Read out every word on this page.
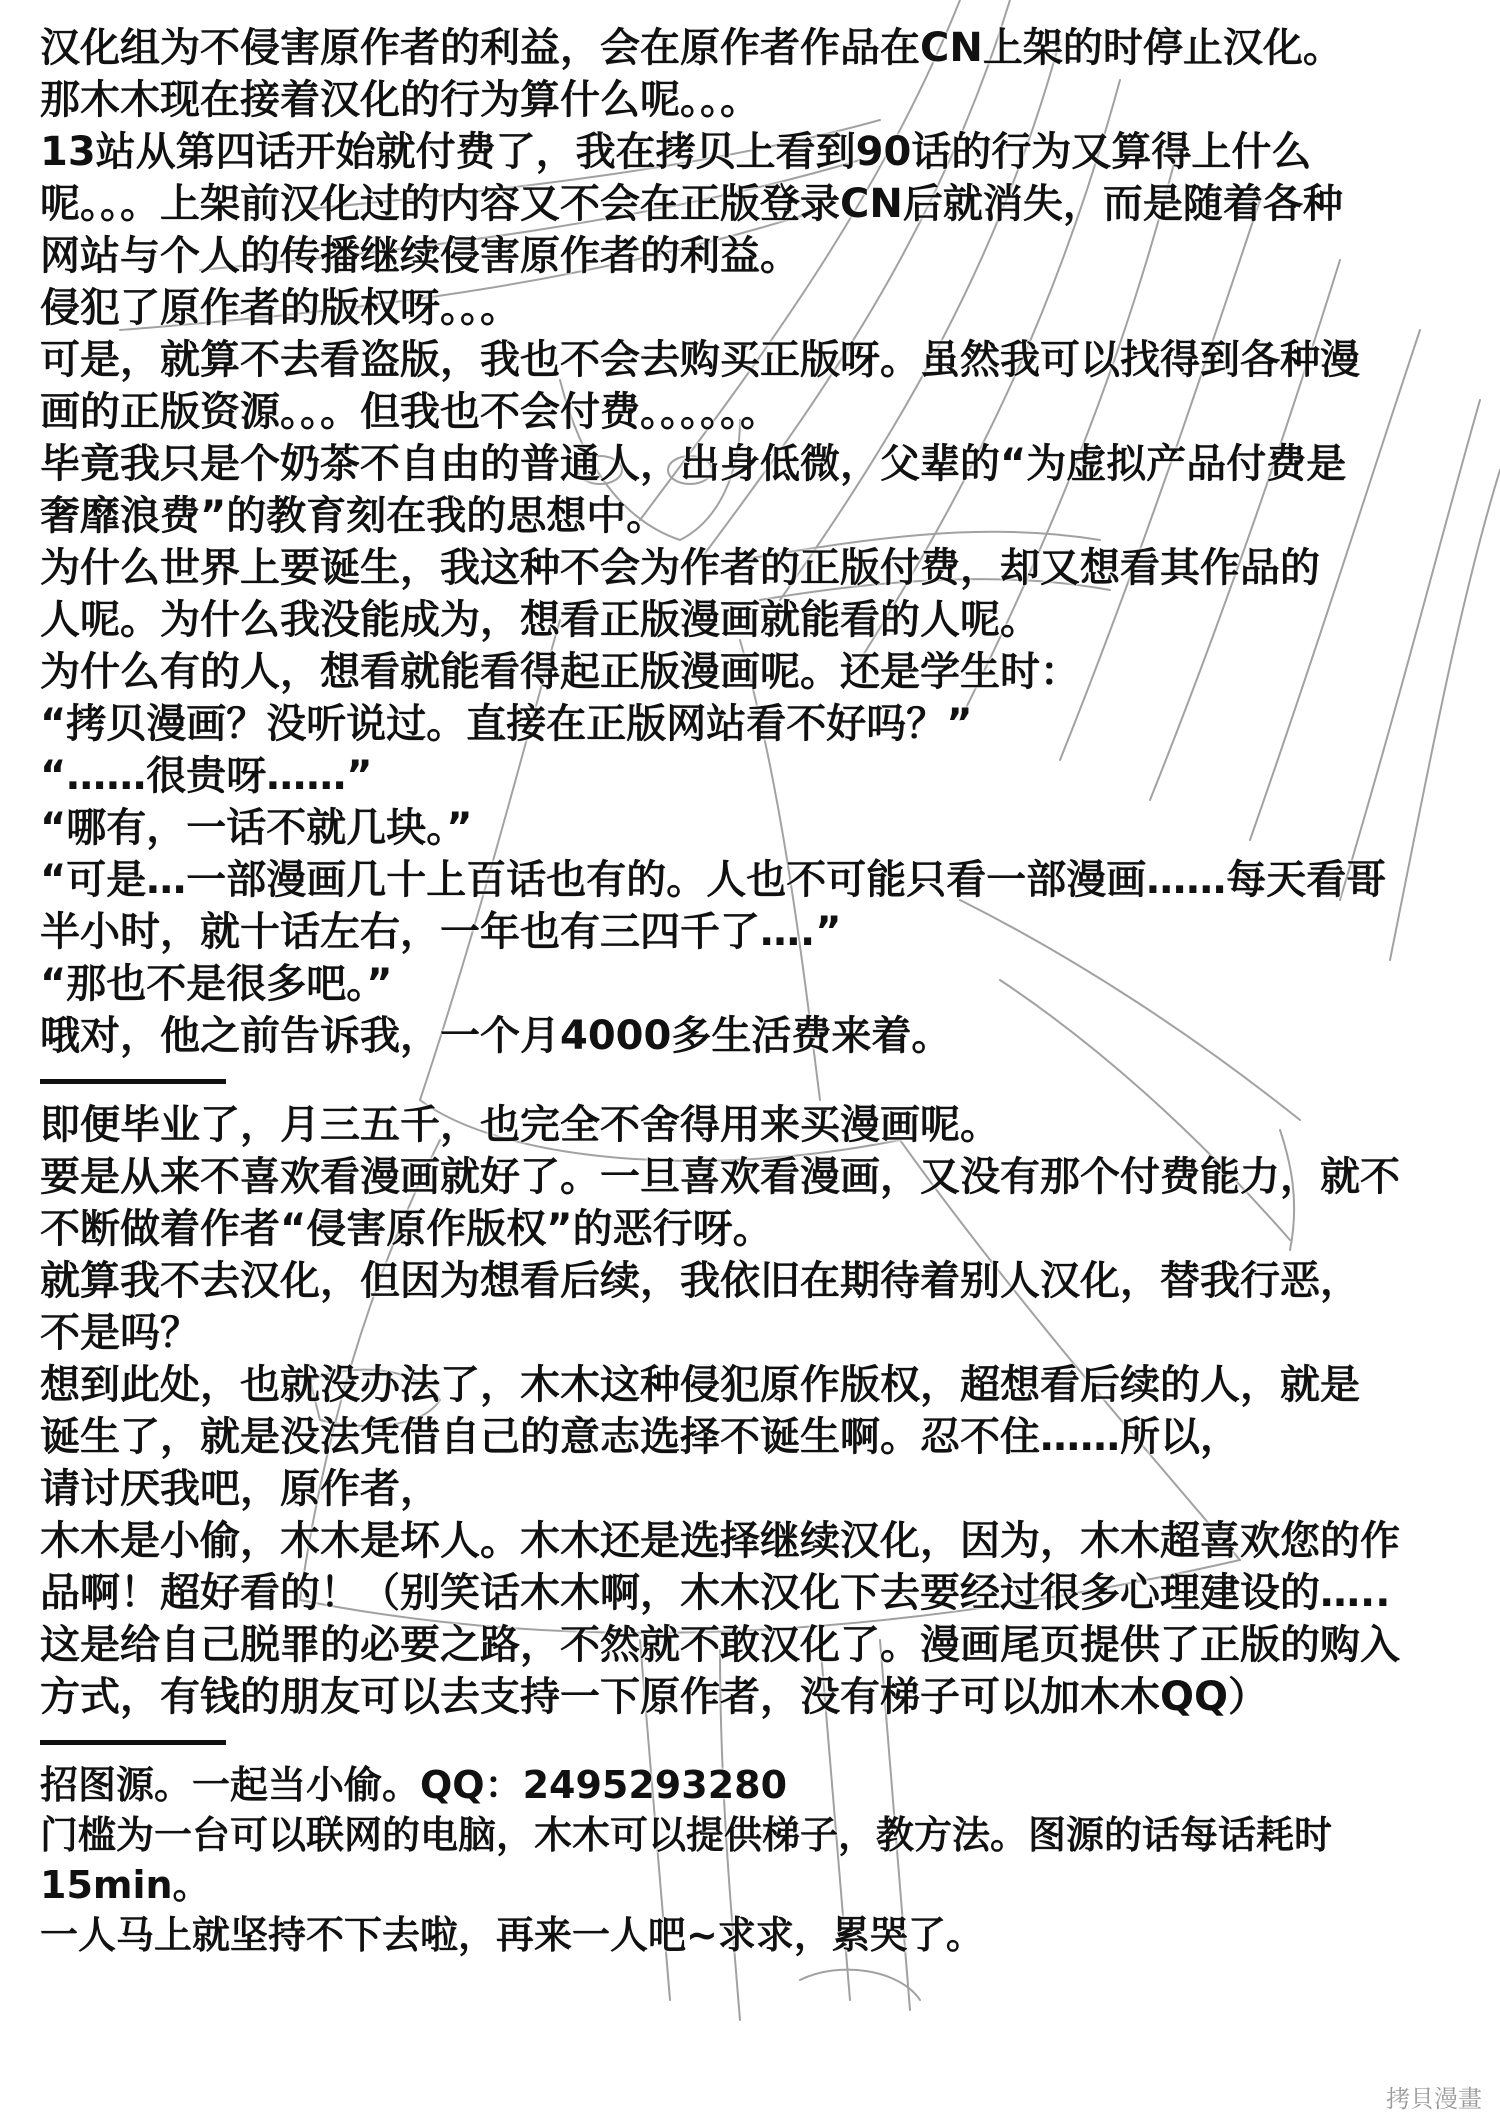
汉化组为不侵害原作者的利益，会在原作者作品在CN上架的时停止汉化。

那木木现在接着汉化的行为算什么呢。。。

13站从第四话开始就付费了，我在拷贝上看到90话的行为又算得上什么

呢。。。上架前汉化过的内容又不会在正版登录CN后就消失，而是随着各种

网站与个人的传播继续侵害原作者的利益。

侵犯了原作者的版权呀。。。

可是，就算不去看盗版，我也不会去购买正版呀。虽然我可以找得到各种漫

画的正版资源。。。但我也不会付费。。。。。。

毕竟我只是个奶茶不自由的普通人，出身低微，父辈的“为虚拟产品付费是

奢靡浪费”的教育刻在我的思想中。

为什么世界上要诞生，我这种不会为作者的正版付费，却又想看其作品的

人呢。为什么我没能成为，想看正版漫画就能看的人呢。

为什么有的人，想看就能看得起正版漫画呢。还是学生时：

“拷贝漫画？没听说过。直接在正版网站看不好吗？”

“……很贵呀……”

“哪有，一话不就几块。”

“可是…一部漫画几十上百话也有的。人也不可能只看一部漫画……每天看哥

半小时，就十话左右，一年也有三四千了….”

“那也不是很多吧。”

哦对，他之前告诉我，一个月4000多生活费来着。

即便毕业了，月三五千，也完全不舍得用来买漫画呢。

要是从来不喜欢看漫画就好了。一旦喜欢看漫画，又没有那个付费能力，就不

不断做着作者“侵害原作版权”的恶行呀。

就算我不去汉化，但因为想看后续，我依旧在期待着别人汉化，替我行恶，

不是吗？

想到此处，也就没办法了，木木这种侵犯原作版权，超想看后续的人，就是

诞生了，就是没法凭借自己的意志选择不诞生啊。忍不住……所以，

请讨厌我吧，原作者，

木木是小偷，木木是坏人。木木还是选择继续汉化，因为，木木超喜欢您的作

品啊！超好看的！（别笑话木木啊，木木汉化下去要经过很多心理建设的…..

这是给自己脱罪的必要之路，不然就不敢汉化了。漫画尾页提供了正版的购入

方式，有钱的朋友可以去支持一下原作者，没有梯子可以加木木QQ）

招图源。一起当小偷。QQ：2495293280

门槛为一台可以联网的电脑，木木可以提供梯子，教方法。图源的话每话耗时

15min。

一人马上就坚持不下去啦，再来一人吧~求求，累哭了。

拷貝漫畫
